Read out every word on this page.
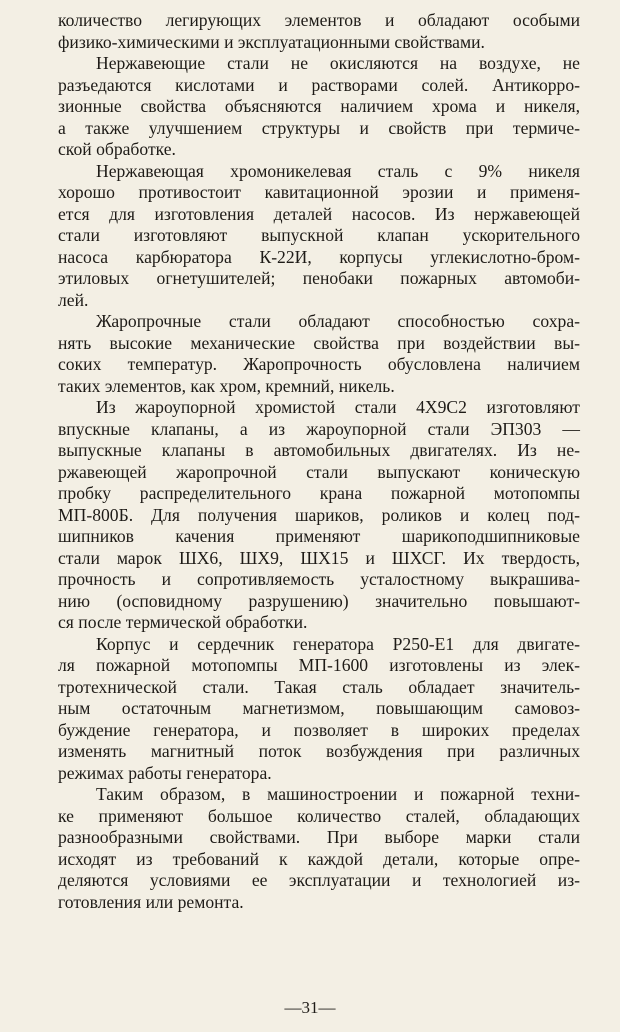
количество легирующих элементов и обладают особыми
физико-химическими и эксплуатационными свойствами.
Нержавеющие стали не окисляются на воздухе, не
разъедаются кислотами и растворами солей. Антикорро-
зионные свойства объясняются наличием хрома и никеля,
а также улучшением структуры и свойств при термиче-
ской обработке.
Нержавеющая хромоникелевая сталь с 9% никеля
хорошо противостоит кавитационной эрозии и применя-
ется для изготовления деталей насосов. Из нержавеющей
стали изготовляют выпускной клапан ускорительного
насоса карбюратора К-22И, корпусы углекислотно-бром-
этиловых огнетушителей; пенобаки пожарных автомоби-
лей.
Жаропрочные стали обладают способностью сохра-
нять высокие механические свойства при воздействии вы-
соких температур. Жаропрочность обусловлена наличием
таких элементов, как хром, кремний, никель.
Из жароупорной хромистой стали 4Х9С2 изготовляют
впускные клапаны, а из жароупорной стали ЭП303 —
выпускные клапаны в автомобильных двигателях. Из не-
ржавеющей жаропрочной стали выпускают коническую
пробку распределительного крана пожарной мотопомпы
МП-800Б. Для получения шариков, роликов и колец под-
шипников качения применяют шарикоподшипниковые
стали марок ШХ6, ШХ9, ШХ15 и ШХСГ. Их твердость,
прочность и сопротивляемость усталостному выкрашива-
нию (осповидному разрушению) значительно повышают-
ся после термической обработки.
Корпус и сердечник генератора Р250-Е1 для двигате-
ля пожарной мотопомпы МП-1600 изготовлены из элек-
тротехнической стали. Такая сталь обладает значитель-
ным остаточным магнетизмом, повышающим самовоз-
буждение генератора, и позволяет в широких пределах
изменять магнитный поток возбуждения при различных
режимах работы генератора.
Таким образом, в машиностроении и пожарной техни-
ке применяют большое количество сталей, обладающих
разнообразными свойствами. При выборе марки стали
исходят из требований к каждой детали, которые опре-
деляются условиями ее эксплуатации и технологией из-
готовления или ремонта.
—31—
